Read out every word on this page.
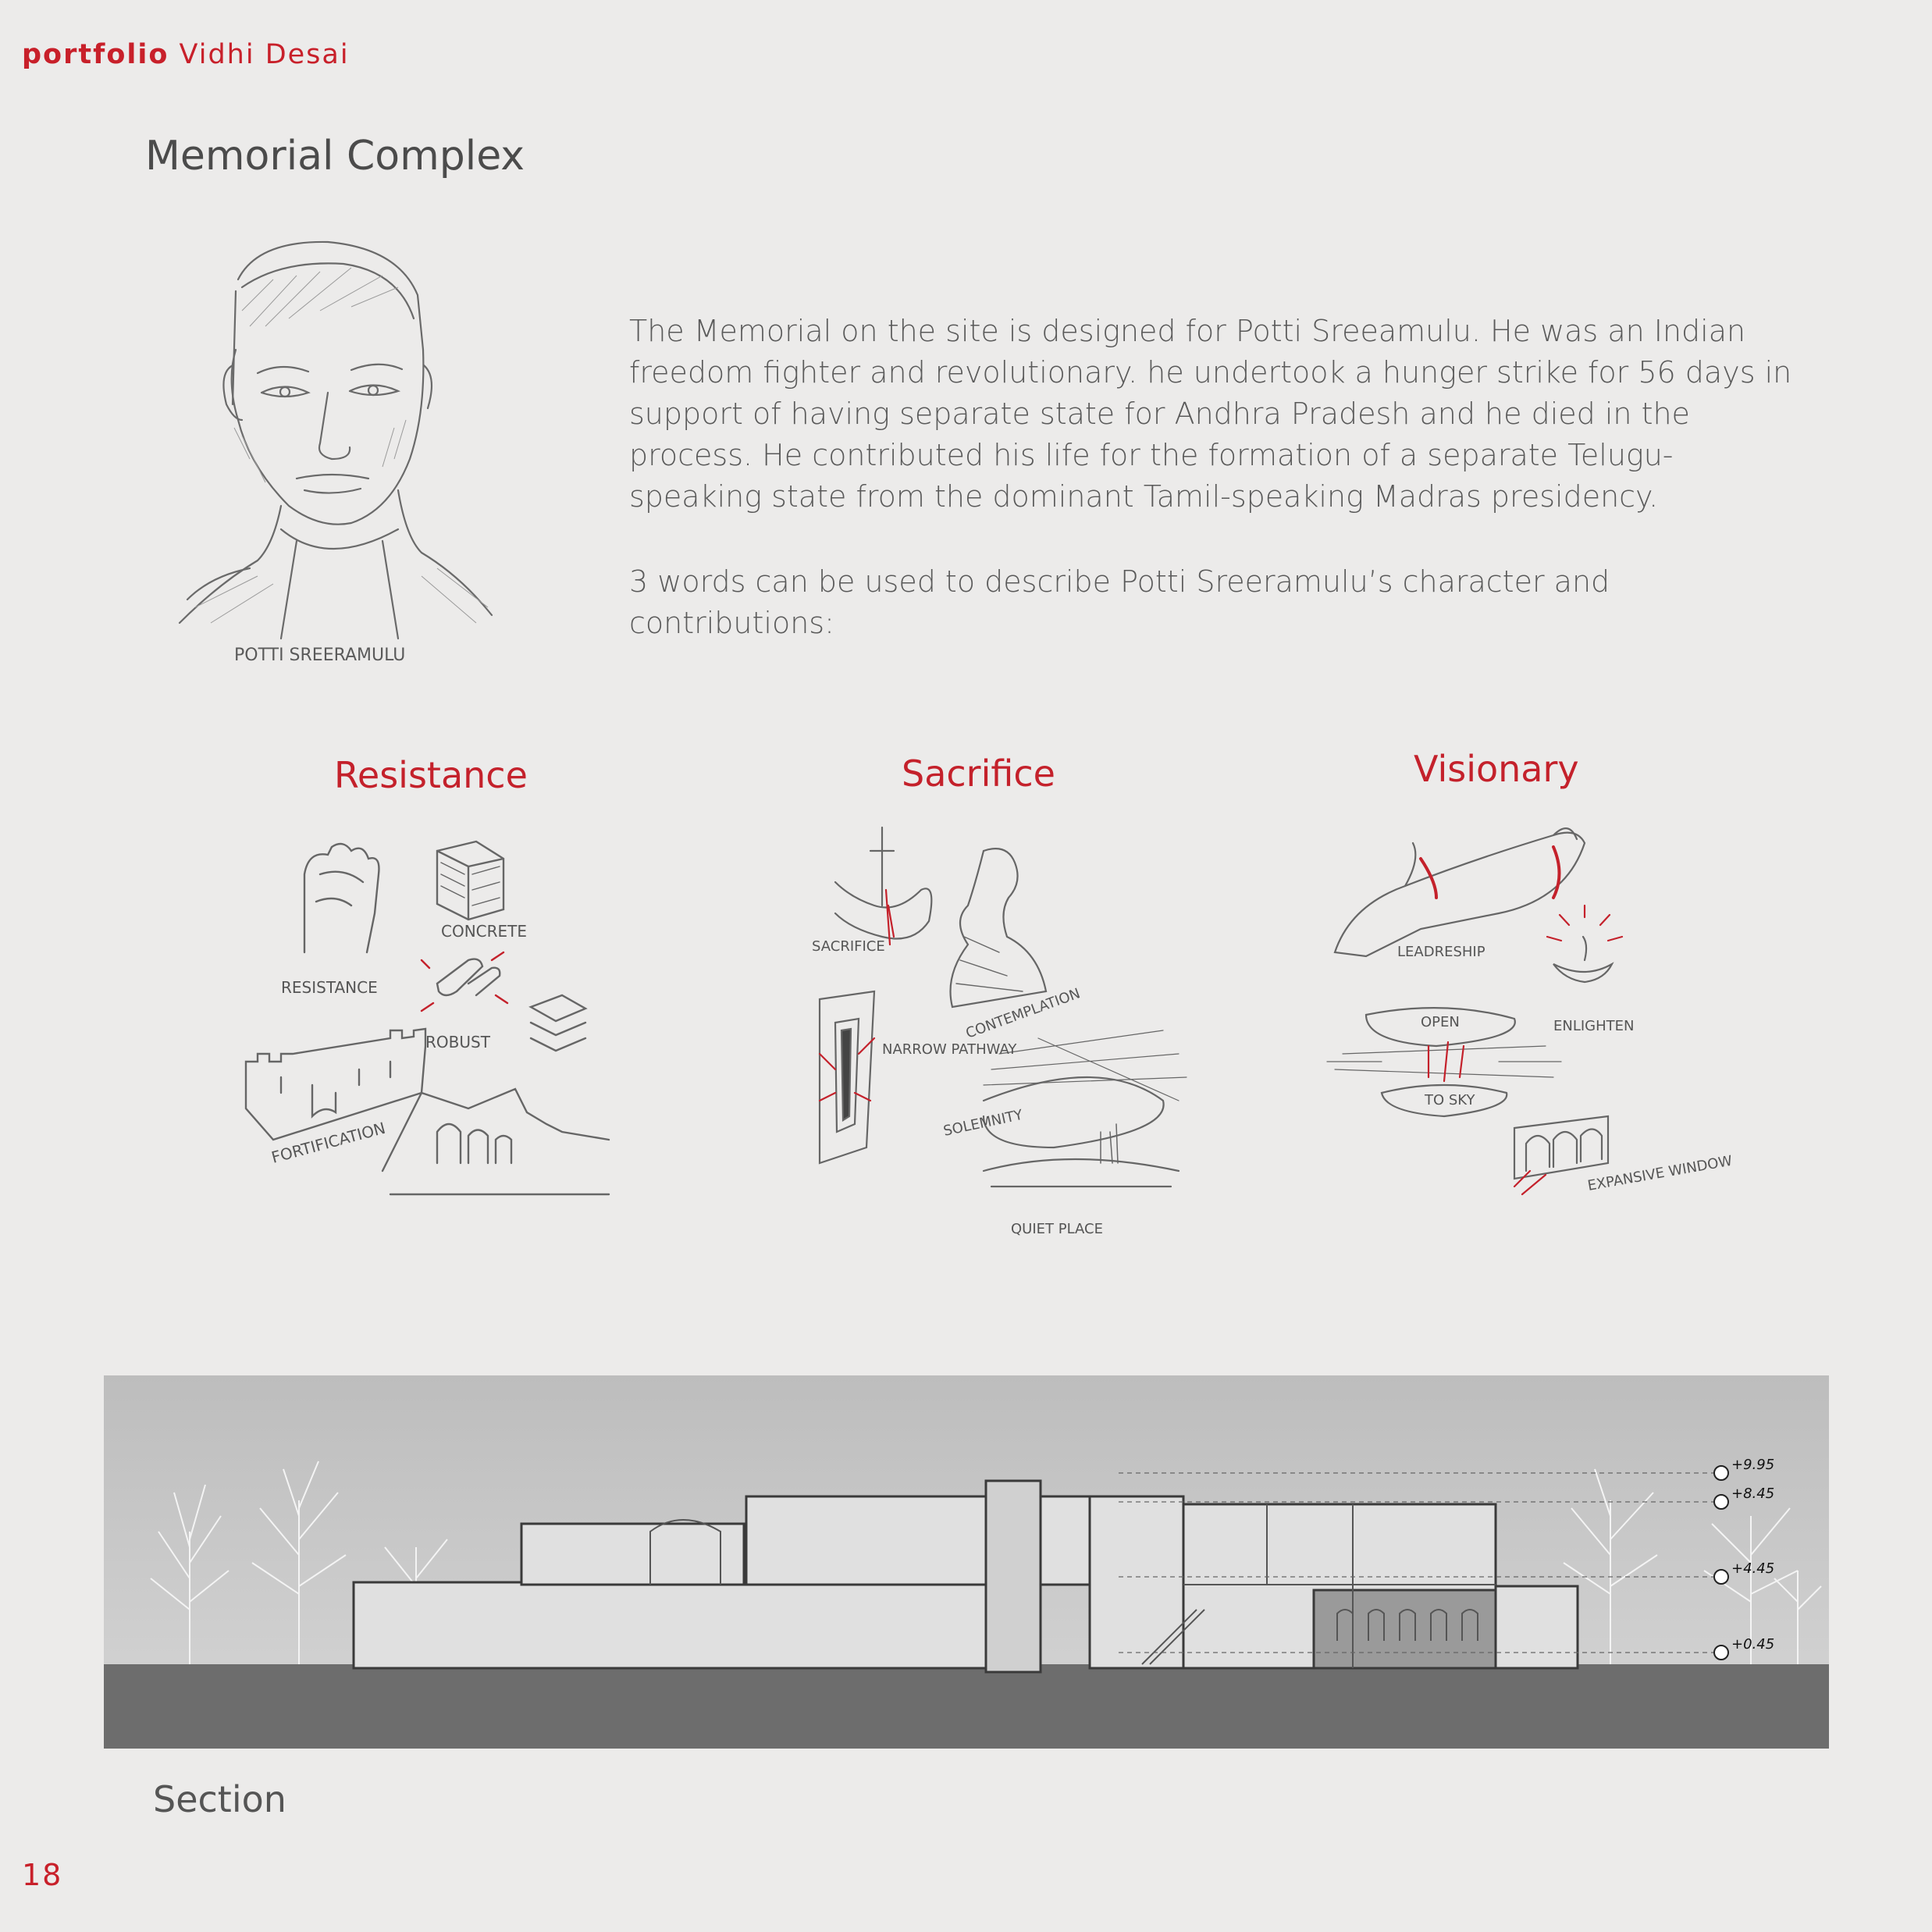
portfolio Vidhi Desai
Memorial Complex
POTTI SREERAMULU

The Memorial on the site is designed for Potti Sreeamulu. He was an Indian freedom fighter and revolutionary. he undertook a hunger strike for 56 days in support of having separate state for Andhra Pradesh and he died in the process. He contributed his life for the formation of a separate Telugu-speaking state from the dominant Tamil-speaking Madras presidency.

3 words can be used to describe Potti Sreeramulu’s character and contributions:

Resistance	Sacrifice	Visionary
RESISTANCE
CONCRETE
ROBUST
FORTIFICATION
SACRIFICE
CONTEMPLATION
NARROW PATHWAY
SOLEMNITY
QUIET PLACE
LEADRESHIP
OPEN
TO SKY
ENLIGHTEN
EXPANSIVE WINDOW
+9.95
+8.45
+4.45
+0.45
Section
18
